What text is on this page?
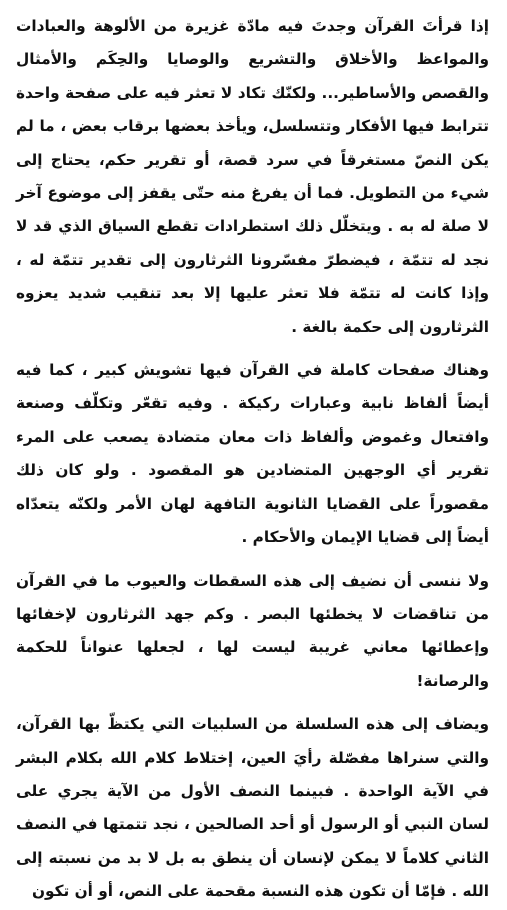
إذا قرأتَ القرآن وجدتَ فيه مادّة غزيرة من الألوهة والعبادات والمواعظ والأخلاق والتشريع والوصايا والحِكَم والأمثال والقصص والأساطير... ولكنّك تكاد لا تعثر فيه على صفحة واحدة تترابط فيها الأفكار وتتسلسل، ويأخذ بعضها برقاب بعض ، ما لم يكن النصّ مستغرقاً في سرد قصة، أو تقرير حكم، يحتاج إلى شيء من التطويل. فما أن يفرغ منه حتّى يقفز إلى موضوع آخر لا صلة له به . ويتخلّل ذلك استطرادات تقطع السياق الذي قد لا نجد له تتمّة ، فيضطرّ مفسّرونا الثرثارون إلى تقدير تتمّة له ، وإذا كانت له تتمّة فلا تعثر عليها إلا بعد تنقيب شديد يعزوه الثرثارون إلى حكمة بالغة .

وهناك صفحات كاملة في القرآن فيها تشويش كبير ، كما فيه أيضاً ألفاظ نابية وعبارات ركيكة . وفيه تقعّر وتكلّف وصنعة وافتعال وغموض وألفاظ ذات معان متضادة يصعب على المرء تقرير أي الوجهين المتضادين هو المقصود . ولو كان ذلك مقصوراً على القضايا الثانوية التافهة لهان الأمر ولكنّه يتعدّاه أيضاً إلى قضايا الإيمان والأحكام .

ولا ننسى أن نضيف إلى هذه السقطات والعيوب ما في القرآن من تناقضات لا يخطئها البصر . وكم جهد الثرثارون لإخفائها وإعطائها معاني غريبة ليست لها ، لجعلها عنواناً للحكمة والرصانة!

ويضاف إلى هذه السلسلة من السلبيات التي يكتظّ بها القرآن، والتي سنراها مفصّلة رأيَ العين، إختلاط كلام الله بكلام البشر في الآية الواحدة . فبينما النصف الأول من الآية يجري على لسان النبي أو الرسول أو أحد الصالحين ، نجد تتمتها في النصف الثاني كلاماً لا يمكن لإنسان أن ينطق به بل لا بد من نسبته إلى الله . فإمّا أن تكون هذه النسبة مقحمة على النص، أو أن تكون
